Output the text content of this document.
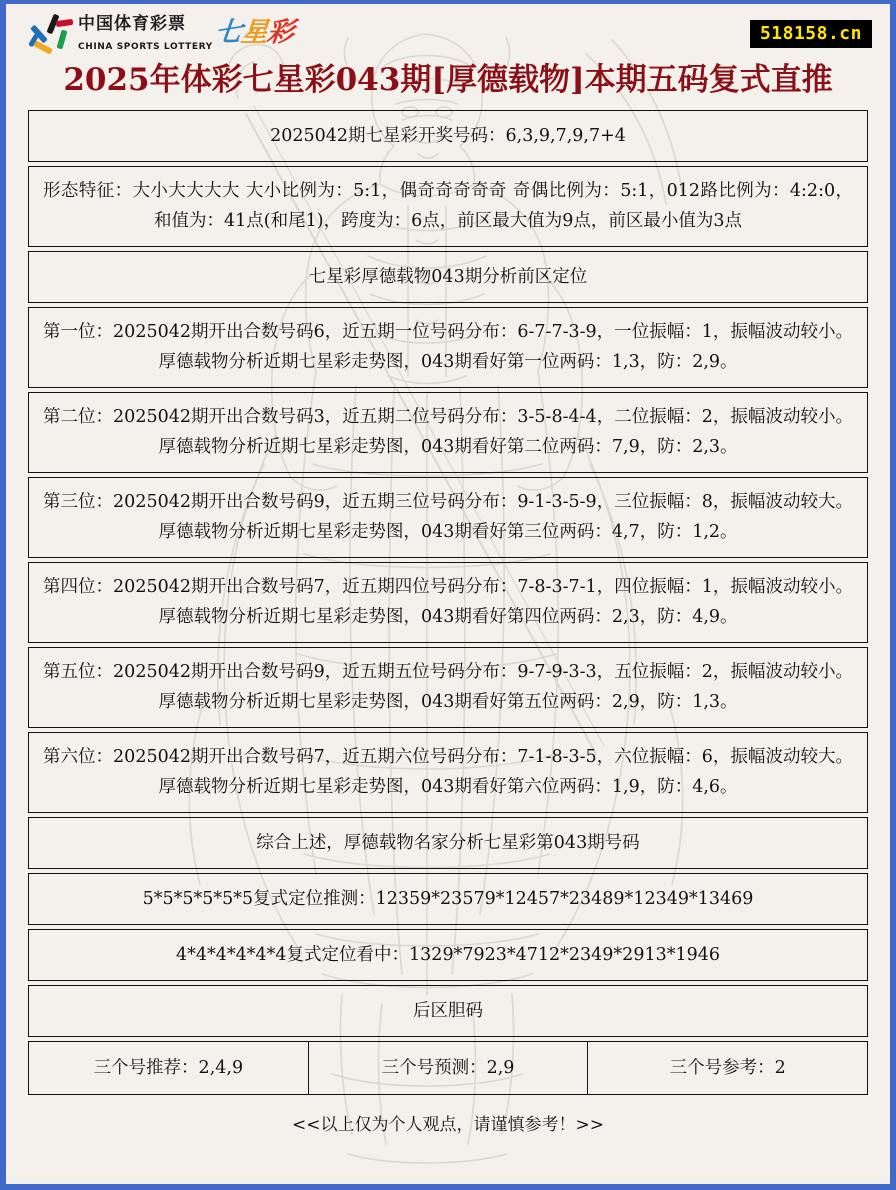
中国体育彩票
CHINA SPORTS LOTTERY 七星彩	518158.cn
2025年体彩七星彩043期[厚德载物]本期五码复式直推
2025042期七星彩开奖号码：6,3,9,7,9,7+4
形态特征：大小大大大大 大小比例为：5:1，偶奇奇奇奇奇 奇偶比例为：5:1，012路比例为：4:2:0，和值为：41点(和尾1)，跨度为：6点，前区最大值为9点，前区最小值为3点
七星彩厚德载物043期分析前区定位
第一位：2025042期开出合数号码6，近五期一位号码分布：6-7-7-3-9，一位振幅：1，振幅波动较小。厚德载物分析近期七星彩走势图，043期看好第一位两码：1,3，防：2,9。
第二位：2025042期开出合数号码3，近五期二位号码分布：3-5-8-4-4，二位振幅：2，振幅波动较小。厚德载物分析近期七星彩走势图，043期看好第二位两码：7,9，防：2,3。
第三位：2025042期开出合数号码9，近五期三位号码分布：9-1-3-5-9，三位振幅：8，振幅波动较大。厚德载物分析近期七星彩走势图，043期看好第三位两码：4,7，防：1,2。
第四位：2025042期开出合数号码7，近五期四位号码分布：7-8-3-7-1，四位振幅：1，振幅波动较小。厚德载物分析近期七星彩走势图，043期看好第四位两码：2,3，防：4,9。
第五位：2025042期开出合数号码9，近五期五位号码分布：9-7-9-3-3，五位振幅：2，振幅波动较小。厚德载物分析近期七星彩走势图，043期看好第五位两码：2,9，防：1,3。
第六位：2025042期开出合数号码7，近五期六位号码分布：7-1-8-3-5，六位振幅：6，振幅波动较大。厚德载物分析近期七星彩走势图，043期看好第六位两码：1,9，防：4,6。
综合上述，厚德载物名家分析七星彩第043期号码
5*5*5*5*5*5复式定位推测：12359*23579*12457*23489*12349*13469
4*4*4*4*4*4复式定位看中：1329*7923*4712*2349*2913*1946
后区胆码
三个号推荐：2,4,9	三个号预测：2,9	三个号参考：2
<<以上仅为个人观点，请谨慎参考！>>
